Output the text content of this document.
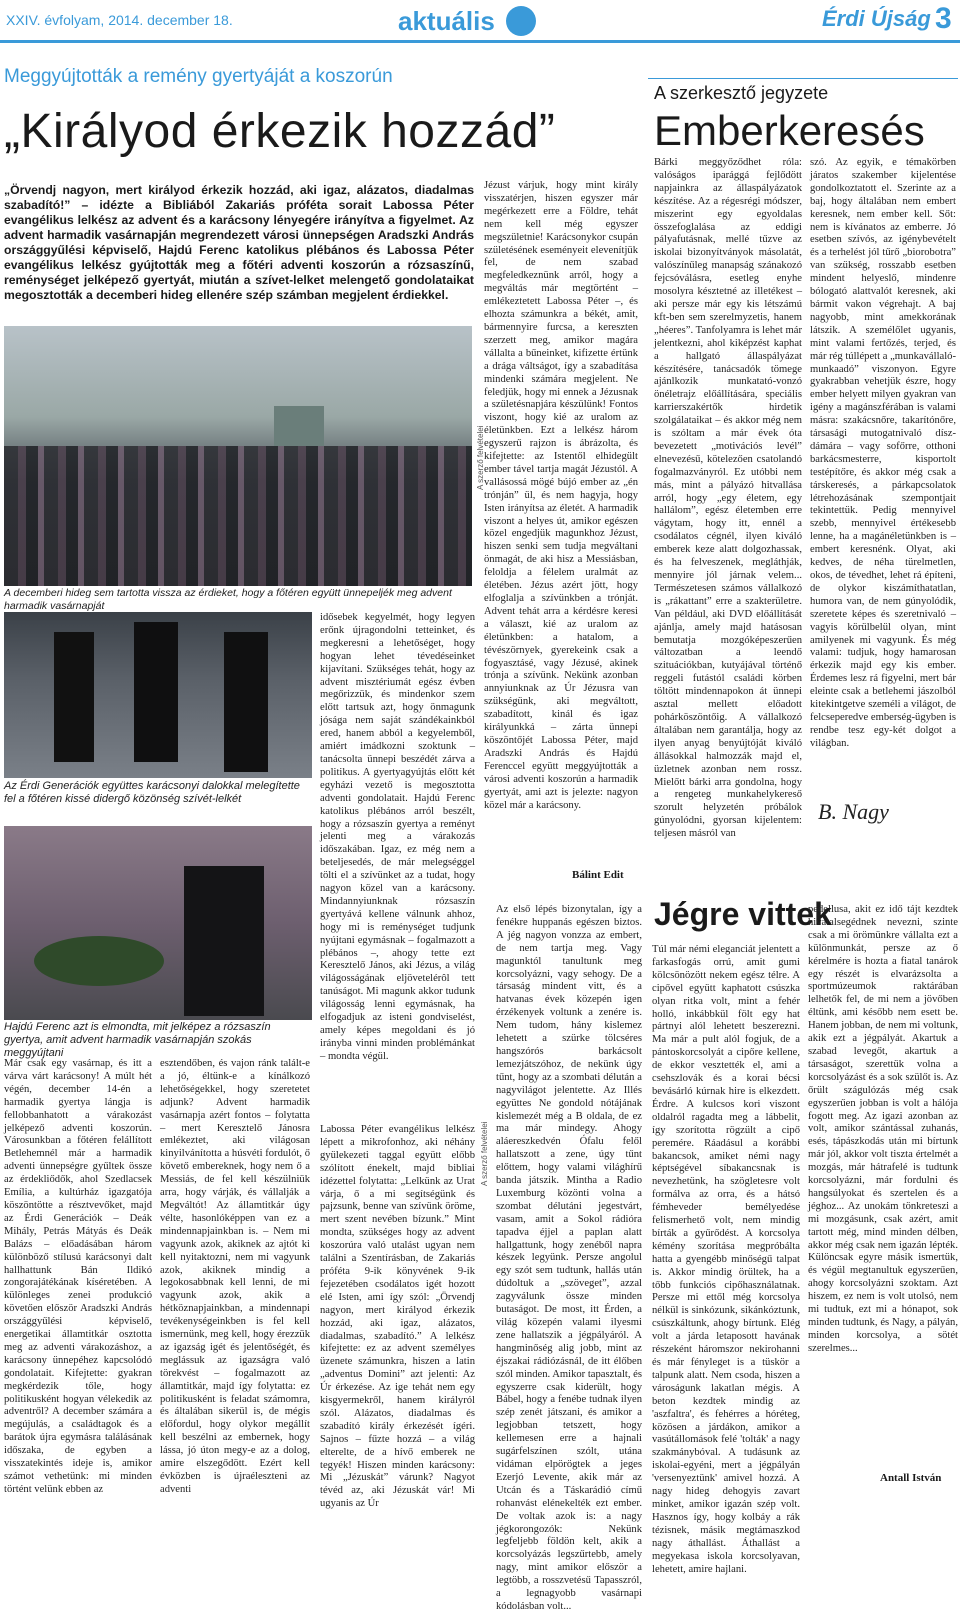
XXIV. évfolyam, 2014. december 18.	aktuális	Érdi Újság 3
Meggyújtották a remény gyertyáját a koszorún
„Királyod érkezik hozzád”
„Örvendj nagyon, mert királyod érkezik hozzád, aki igaz, alázatos, diadalmas szabadító!” – idézte a Bibliából Zakariás próféta sorait Labossa Péter evangélikus lelkész az advent és a karácsony lényegére irányítva a figyelmet. Az advent harmadik vasárnapján megrendezett városi ünnepségen Aradszki András országgyűlési képviselő, Hajdú Ferenc katolikus plébános és Labossa Péter evangélikus lelkész gyújtották meg a főtéri adventi koszorún a rózsaszínű, reménységet jelképező gyertyát, miután a szívet-lelket melengető gondolataikat megosztották a decemberi hideg ellenére szép számban megjelent érdiekkel.
A szerző felvételei
A decemberi hideg sem tartotta vissza az érdieket, hogy a főtéren együtt ünnepeljék meg advent harmadik vasárnapját
Az Érdi Generációk együttes karácsonyi dalokkal melegítette fel a főtéren kissé didergő közönség szívét-lelkét
Hajdú Ferenc azt is elmondta, mit jelképez a rózsaszín gyertya, amit advent harmadik vasárnapján szokás meggyújtani
Már csak egy vasárnap, és itt a várva várt karácsony! A múlt hét végén, december 14-én a harmadik gyertya lángja is fellobbanhatott a várakozást jelképező adventi koszorún. Városunkban a főtéren felállított Betlehemnél már a harmadik adventi ünnepségre gyűltek össze az érdekliődők, ahol Szedlacsek Emília, a kultúrház igazgatója köszöntötte a résztvevőket, majd az Érdi Generációk – Deák Mihály, Petrás Mátyás és Deák Balázs – előadásában három különböző stílusú karácsonyi dalt hallhattunk Bán Ildikó zongorajátékának kíséretében. A különleges zenei produkció követően először Aradszki András országgyűlési képviselő, energetikai államtitkár osztotta meg az adventi várakozáshoz, a karácsony ünnepéhez kapcsolódó gondolatait. Kifejtette: gyakran megkérdezik tőle, hogy politikusként hogyan vélekedik az adventről? A december számára a megújulás, a családtagok és a barátok újra egymásra találásának időszaka, de egyben a visszatekintés ideje is, amikor számot vethetünk: mi minden történt velünk ebben az
esztendőben, és vajon ránk talált-e a jó, éltünk-e a kínálkozó lehetőségekkel, hogy szeretetet adjunk? Advent harmadik vasárnapja azért fontos – folytatta – mert Keresztelő Jánosra emlékeztet, aki világosan kinyilvánította a húsvéti fordulót, ő követő embereknek, hogy nem ő a Messiás, de fel kell készülniük arra, hogy várják, és vállalják a Megváltót! Az államtitkár úgy vélte, hasonlóképpen van ez a mindennapjainkban is. – Nem mi vagyunk azok, akiknek az ajtót ki kell nyitaktozni, nem mi vagyunk azok, akiknek mindig a legokosabbnak kell lenni, de mi vagyunk azok, akik a hétköznapjainkban, a mindennapi tevékenységeinkben is fel kell ismernünk, meg kell, hogy érezzük az igazság igét és jelentőségét, és meglássuk az igazságra való törekvést – fogalmazott az államtitkár, majd így folytatta: ez politikusként is feladat számomra, és általában sikerül is, de mégis előfordul, hogy olykor megállít kell beszélni az embernek, hogy lássa, jó úton megy-e az a dolog, amire elszegődött. Ezért kell évközben is újraéleszteni az adventi
idősebek kegyelmét, hogy legyen erőnk újragondolni tetteinket, és megkeresni a lehetőséget, hogy hogyan lehet tévedéseinket kijavítani. Szükséges tehát, hogy az advent misztériumát egész évben megőrizzük, és mindenkor szem előtt tartsuk azt, hogy önmagunk jósága nem saját szándékainkból ered, hanem abból a kegyelemből, amiért imádkozni szoktunk – tanácsolta ünnepi beszédét zárva a politikus. A gyertyagyújtás előtt két egyházi vezető is megosztotta adventi gondolatait. Hajdú Ferenc katolikus plébános arról beszélt, hogy a rózsaszín gyertya a reményt jelenti meg a várakozás időszakában. Igaz, ez még nem a beteljesedés, de már melegséggel tölti el a szívünket az a tudat, hogy nagyon közel van a karácsony. Mindannyiunknak rózsaszín gyertyává kellene válnunk ahhoz, hogy mi is reménységet tudjunk nyújtani egymásnak – fogalmazott a plébános –, ahogy tette ezt Keresztelő János, aki Jézus, a világ világosságának eljövetelérôl tett tanúságot. Mi magunk akkor tudunk világosság lenni egymásnak, ha elfogadjuk az isteni gondviselést, amely képes megoldani és jó irányba vinni minden problémánkat – mondta végül.
Labossa Péter evangélikus lelkész lépett a mikrofonhoz, aki néhány gyülekezeti taggal együtt előbb szólított énekelt, majd bibliai idézettel folytatta: „Lelkünk az Urat várja, ő a mi segítségünk és pajzsunk, benne van szívünk öröme, mert szent nevében bízunk.” Mint mondta, szükséges hogy az advent koszorúra való utalást ugyan nem találni a Szentírásban, de Zakariás próféta 9-ik könyvének 9-ik fejezetében csodálatos igét hozott elé Isten, ami így szól: „Örvendj nagyon, mert királyod érkezik hozzád, aki igaz, alázatos, diadalmas, szabadító.” A lelkész kifejtette: ez az advent személyes üzenete számunkra, hiszen a latin „adventus Domini” azt jelenti: Az Úr érkezése. Az ige tehát nem egy kisgyermekről, hanem királyról szól. Alázatos, diadalmas és szabadító király érkezését ígéri. Sajnos – fűzte hozzá – a világ elterelte, de a hívő emberek ne tegyék! Hiszen minden karácsony: Mi „Jézuskát” várunk? Nagyot tévéd az, aki Jézuskát vár! Mi ugyanis az Úr
Jézust várjuk, hogy mint király visszatérjen, hiszen egyszer már megérkezett erre a Földre, tehát nem kell még egyszer megszületnie! Karácsonykor csupán születésének eseményeit elevenítjük fel, de nem szabad megfeledkeznünk arról, hogy a megváltás már megtörtént – emlékeztetett Labossa Péter –, és elhozta számunkra a békét, amit, bármennyire furcsa, a kereszten szerzett meg, amikor magára vállalta a bűneinket, kifizette értünk a drága váltságot, így a szabadítása mindenki számára megjelent. Ne feledjük, hogy mi ennek a Jézusnak a születésnapjára készülünk! Fontos viszont, hogy kié az uralom az életünkben. Ezt a lelkész három egyszerű rajzon is ábrázolta, és kifejtette: az Istentől elhidegült ember tável tartja magát Jézustól. A vallásossá mögé bújó ember az „én trónján” ül, és nem hagyja, hogy Isten irányítsa az életét. A harmadik viszont a helyes út, amikor egészen közel engedjük magunkhoz Jézust, hiszen senki sem tudja megváltani önmagát, de aki hisz a Messiásban, feloldja a félelem uralmát az életében. Jézus azért jött, hogy elfoglalja a szívünkben a trónját. Advent tehát arra a kérdésre keresi a választ, kié az uralom az életünkben: a hatalom, a tévészörnyek, gyerekeink csak a fogyasztásé, vagy Jézusé, akinek trónja a szívünk. Nekünk azonban annyiunknak az Úr Jézusra van szükségünk, aki megváltott, szabadított, kinál és igaz királyunkká – zárta ünnepi köszöntőjét Labossa Péter, majd Aradszki András és Hajdú Ferenccel együtt meggyújtották a városi adventi koszorún a harmadik gyertyát, ami azt is jelezte: nagyon közel már a karácsony.
Bálint Edit
A szerkesztő jegyzete
Emberkeresés
Bárki meggyőződhet róla: valóságos iparággá fejlődött napjainkra az állaspályázatok készítése. Az a régesrégi módszer, miszerint egy egyoldalas összefoglalása az eddigi pályafutásnak, mellé tűzve az iskolai bizonyítványok másolatát, valószínűleg manapság szánakozó fejcsóválásra, esetleg enyhe mosolyra késztetné az illetékest – aki persze már egy kis létszámú kft-ben sem szerelmyzetis, hanem „héeres”. Tanfolyamra is lehet már jelentkezni, ahol kiképzést kaphat a hallgató állaspályázat készítésére, tanácsadók tömege ajánlkozik munkatató-vonzó önéletrajz előállítására, speciális karrierszakértők hirdetik szolgálataikat – és akkor még nem is szóltam a már évek óta bevezetett „motivációs levél” elnevezésű, kötelezően csatolandó fogalmazványról. Ez utóbbi nem más, mint a pályázó hitvallása arról, hogy „egy életem, egy hallálom”, egész életemben erre vágytam, hogy itt, ennél a csodálatos cégnél, ilyen kiváló emberek keze alatt dolgozhassak, és ha felveszenek, megláthják, mennyire jól járnak velem... Természetesen számos vállalkozó is „rákattant” erre a szakterületre. Van például, aki DVD előállítását ajánlja, amely majd hatásosan bemutatja mozgóképeszerűen változatban a leendő szituációkban, kutyájával történő reggeli futástól családi körben töltött mindennapokon át ünnepi asztal mellett előadott pohárköszöntőig. A vállalkozó általában nem garantálja, hogy az ilyen anyag benyújtóját kiváló állásokkal halmozzák majd el, üzletnek azonban nem rossz. Mielőtt bárki arra gondolna, hogy a rengeteg munkahelykereső szorult helyzetén próbálok gúnyolódni, gyorsan kijelentem: teljesen másról van
szó. Az egyik, e témakörben járatos szakember kijelentése gondolkoztatott el. Szerinte az a baj, hogy általában nem embert keresnek, nem ember kell. Sőt: nem is kívánatos az emberre. Jó esetben szívós, az igénybevételt és a terhelést jól tűrő „biorobotra” van szükség, rosszabb esetben mindent helyeslő, mindenre bólogató alattvalót keresnek, aki bármit vakon végrehajt. A baj nagyobb, mint amekkorának látszik. A személőlet ugyanis, mint valami fertőzés, terjed, és már rég túllépett a „munkavállaló-munkaadó” viszonyon. Egyre gyakrabban vehetjük észre, hogy ember helyett milyen gyakran van igény a magánszférában is valami másra: szakácsnőre, takarítónőre, társasági mutogatnivaló dísz-dámára – vagy sofőrre, otthoni barkácsmesterre, kisportolt testépítőre, és akkor még csak a társkeresés, a párkapcsolatok létrehozásának szempontjait tekintettük. Pedig mennyivel szebb, mennyivel értékesebb lenne, ha a magánéletünkben is – embert keresnénk. Olyat, aki kedves, de néha türelmetlen, okos, de tévedhet, lehet rá építeni, de olykor kiszámíthatatlan, humora van, de nem gúnyolódik, szeretete képes és szeretnivaló – vagyis körülbelül olyan, mint amilyenek mi vagyunk. És még valami: tudjuk, hogy hamarosan érkezik majd egy kis ember. Érdemes lesz rá figyelni, mert bár eleinte csak a betlehemi jászolból kitekintgetve személi a világot, de felcseperedve emberség-ügyben is rendbe tesz egy-két dolgot a világban.
B. Nagy
Az első lépés bizonytalan, így a fenékre huppanás egészen biztos. A jég nagyon vonzza az embert, de nem tartja meg. Vagy magunktól tanultunk meg korcsolyázni, vagy sehogy. De a társaság mindent vitt, és a hatvanas évek közepén igen érzékenyek voltunk a zenére is. Nem tudom, hány kislemez lehetett a szürke tölcséres hangszórós barkácsolt lemezjátszóhoz, de nekünk úgy tűnt, hogy az a szombati délután a nagyvilágot jelentette. Az Illés együttes Ne gondold nótájának kislemezét még a B oldala, de ez ma már mindegy. Ahogy aláereszkedvén Ófalu felől hallatszott a zene, úgy tűnt előttem, hogy valami világhírű banda játszik. Mintha a Radio Luxemburg közönti volna a szombat délutáni jegestvárt, vasam, amit a Sokol rádióra tapadva éjjel a paplan alatt hallgattunk, hogy zenéből napra készek legyünk. Persze angolul egy szót sem tudtunk, hallás után dúdoltuk a „szöveget”, azzal zagyválunk össze minden butaságot. De most, itt Érden, a világ közepén valami ilyesmi zene hallatszik a jégpályáról. A hangminőség alig jobb, mint az éjszakai rádiózásnál, de itt élőben szól minden. Amikor tapasztalt, és egyszerre csak kiderült, hogy Bábel, hogy a fenébe tudnak ilyen szép zenét játszani, és amikor a legjobban tetszett, hogy kellemesen erre a hajnali sugárfelszínen szólt, utána vidáman elpörögtek a jeges Ezerjó Levente, akik már az Utcán és a Táskarádió című rohanvást elénekelték ezt ember. De voltak azok is: a nagy jégkorongozók: Nekünk legfeljebb földön kelt, akik a korcsolyázás legszűrtebb, amely nagy, mint amikor először a legtöbb, a rosszvetésű Tapasszról, a legnagyobb vasárnapi kódolásban volt...
Jégre vittek
Túl már némi eleganciát jelentett a farkasfogás orrú, amit gumi kölcsönözött nekem egész télre. A cipővel együtt kaphatott csúszka olyan ritka volt, mint a fehér holló, inkábbkül fölt egy hat pártnyi alól lehetett beszerezni. Ma már a pult alól fogjuk, de a pántoskorcsolyát a cipőre kellene, de ekkor vesztették el, ami a csehszlovák és a korai bécsi bevásárló kúrnak hire is elkezdett. Érdre. A kulcsos kori viszont oldalról ragadta meg a lábbelit, így szorította rögzült a cipő peremére. Ráadásul a korábbi bakancsok, amiket némi nagy képtségével síbakancsnak is nevezhetünk, ha szögletesre volt formálva az orra, és a hátsó fémheveder bemélyedése felismerhető volt, nem mindig bírták a gyűrődést. A korcsolya kémény szorítása megpróbálta hatta a gyengébb minőségű talpat is. Akkor mindig örültek, ha a tőbb funkciós cipőhasználatnak. Persze mi ettől még korcsolya nélkül is sinkózunk, sikánkóztunk, csúszkáltunk, ahogy bírtunk. Elég volt a járda letaposott havának részeként háromszor nekirohanni és már fényleget is a tüskör a talpunk alatt. Nem csoda, hiszen a városágunk lakatlan mégis. A beton kezdtek mindig az 'aszfaltra', és fehérres a hóréteg, közösen a járdákon, amikor a vasútállomások felé 'tolták' a nagy szakmánybóval. A tudásunk az iskolai-egyéni, mert a jégpályán 'versenyeztünk' amivel hozzá. A nagy hideg dehogyis zavart minket, amikor igazán szép volt. Hasznos így, hogy kolbáy a rák tézisnek, másik megtámaszkod nagy áthallást. Áthallást a megyekasa iskola korcsolyavan, lehetett, amire hajlani.
pedellusa, akit ez idő tájt kezdtek hivatalsegédnek nevezni, szinte csak a mi örömünkre vállalta ezt a különmunkát, persze az ő kérelmére is hozta a fiatal tanárok egy részét is elvarázsolta a sportmúzeumok raktárában lelhetők fel, de mi nem a jövőben éltünk, ami később nem esett be. Hanem jobban, de nem mi voltunk, akik ezt a jégpályát. Akartuk a szabad levegőt, akartuk a társaságot, szerettük volna a korcsolyázást és a sok szülőt is. Az őrült szágulózás még csak egyszerűen jobban is volt a hálója fogott meg. Az igazi azonban az volt, amikor szántással zuhanás, esés, tápászkodás után mi bírtunk már jól, akkor volt tiszta értelmét a mozgás, már hátrafelé is tudtunk korcsolyázni, már fordulni és hangsúlyokat és szertelen és a jéghoz... Az unokám tönkreteszi a mi mozgásunk, csak azért, amit tartott még, mind minden délben, akkor még csak nem igazán lépték. Különcsak egyre másik ismertük, és végül megtanultuk egyszerűen, ahogy korcsolyázni szoktam. Azt hiszem, ez nem is volt utolsó, nem mi tudtuk, ezt mi a hónapot, sok minden tudtunk, és Nagy, a pályán, minden korcsolya, a sötét szerelmes...
Antall István
A szerző felvételei
